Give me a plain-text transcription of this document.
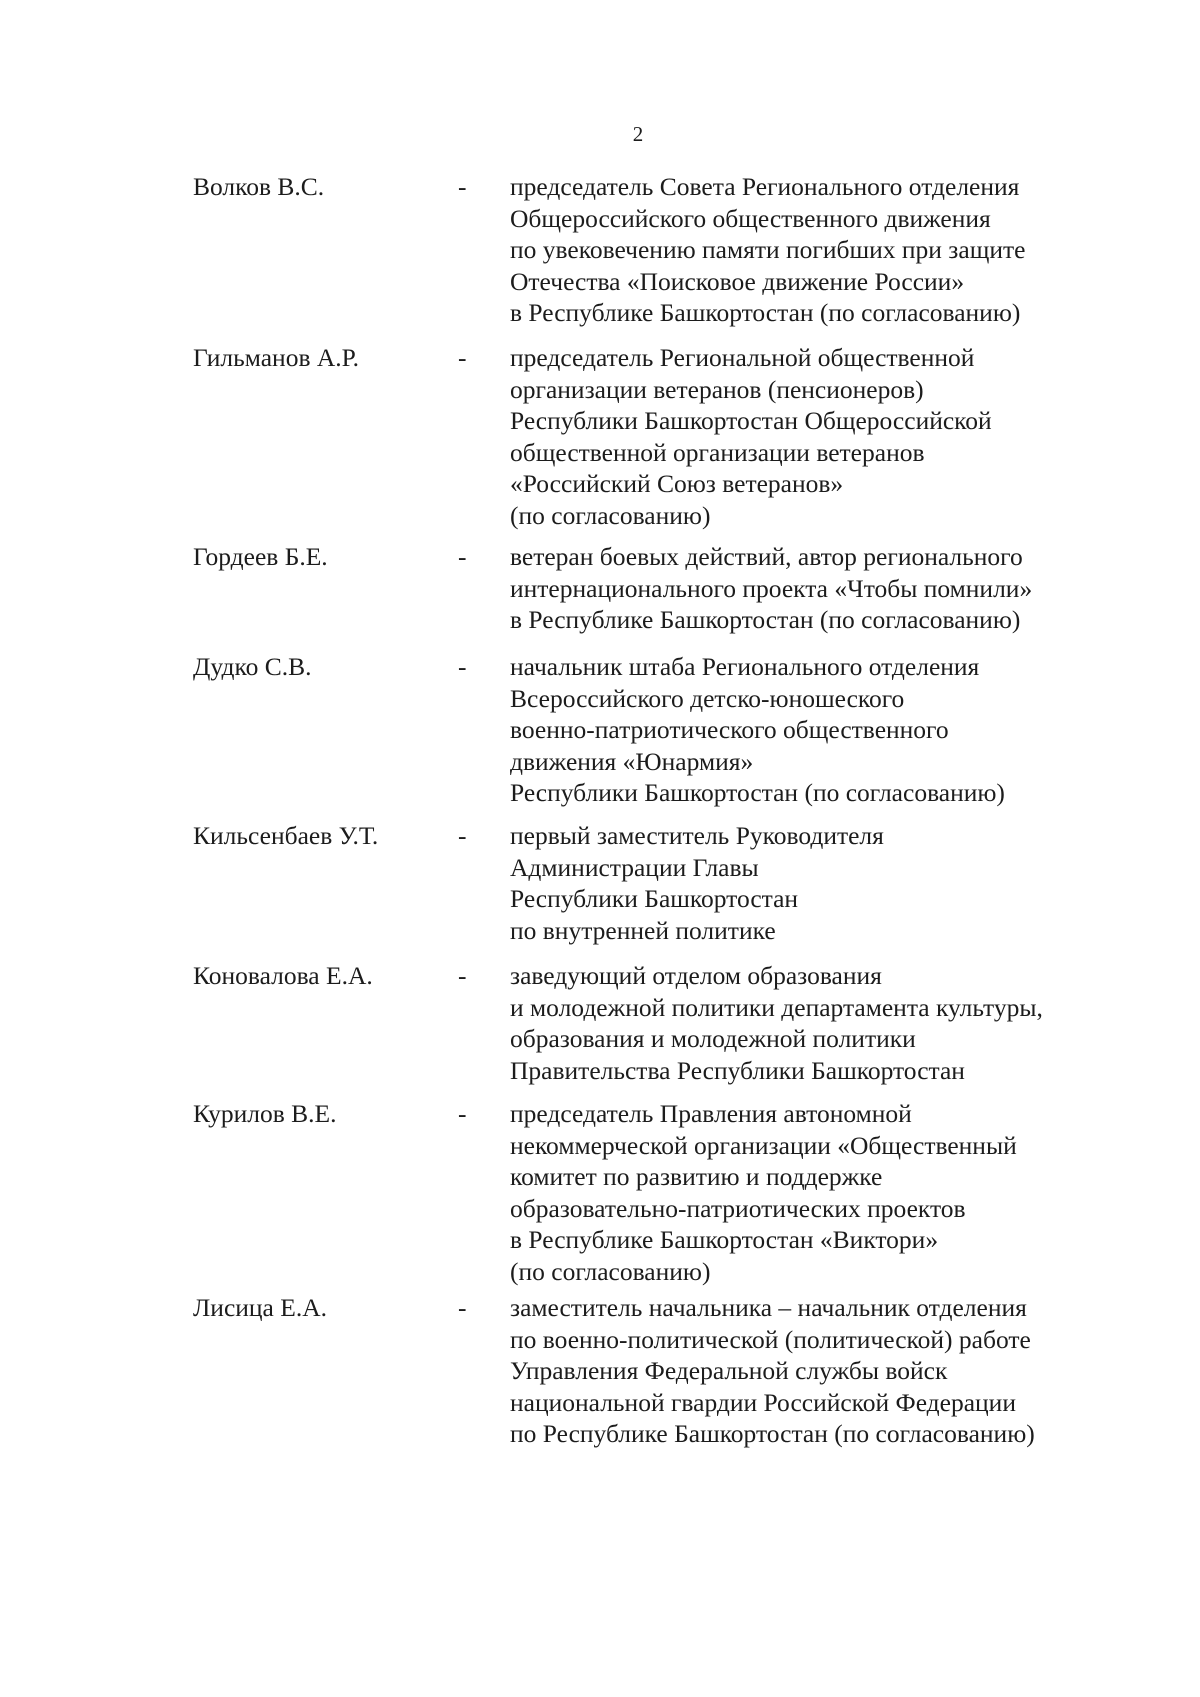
2
Волков В.С.	-	председатель Совета Регионального отделения
Общероссийского общественного движения
по увековечению памяти погибших при защите
Отечества «Поисковое движение России»
в Республике Башкортостан (по согласованию)
Гильманов А.Р.	-	председатель Региональной общественной
организации ветеранов (пенсионеров)
Республики Башкортостан Общероссийской
общественной организации ветеранов
«Российский Союз ветеранов»
(по согласованию)
Гордеев Б.Е.	-	ветеран боевых действий, автор регионального
интернационального проекта «Чтобы помнили»
в Республике Башкортостан (по согласованию)
Дудко С.В.	-	начальник штаба Регионального отделения
Всероссийского детско-юношеского
военно-патриотического общественного
движения «Юнармия»
Республики Башкортостан (по согласованию)
Кильсенбаев У.Т.	-	первый заместитель Руководителя
Администрации Главы
Республики Башкортостан
по внутренней политике
Коновалова Е.А.	-	заведующий отделом образования
и молодежной политики департамента культуры,
образования и молодежной политики
Правительства Республики Башкортостан
Курилов В.Е.	-	председатель Правления автономной
некоммерческой организации «Общественный
комитет по развитию и поддержке
образовательно-патриотических проектов
в Республике Башкортостан «Виктори»
(по согласованию)
Лисица Е.А.	-	заместитель начальника – начальник отделения
по военно-политической (политической) работе
Управления Федеральной службы войск
национальной гвардии Российской Федерации
по Республике Башкортостан (по согласованию)
